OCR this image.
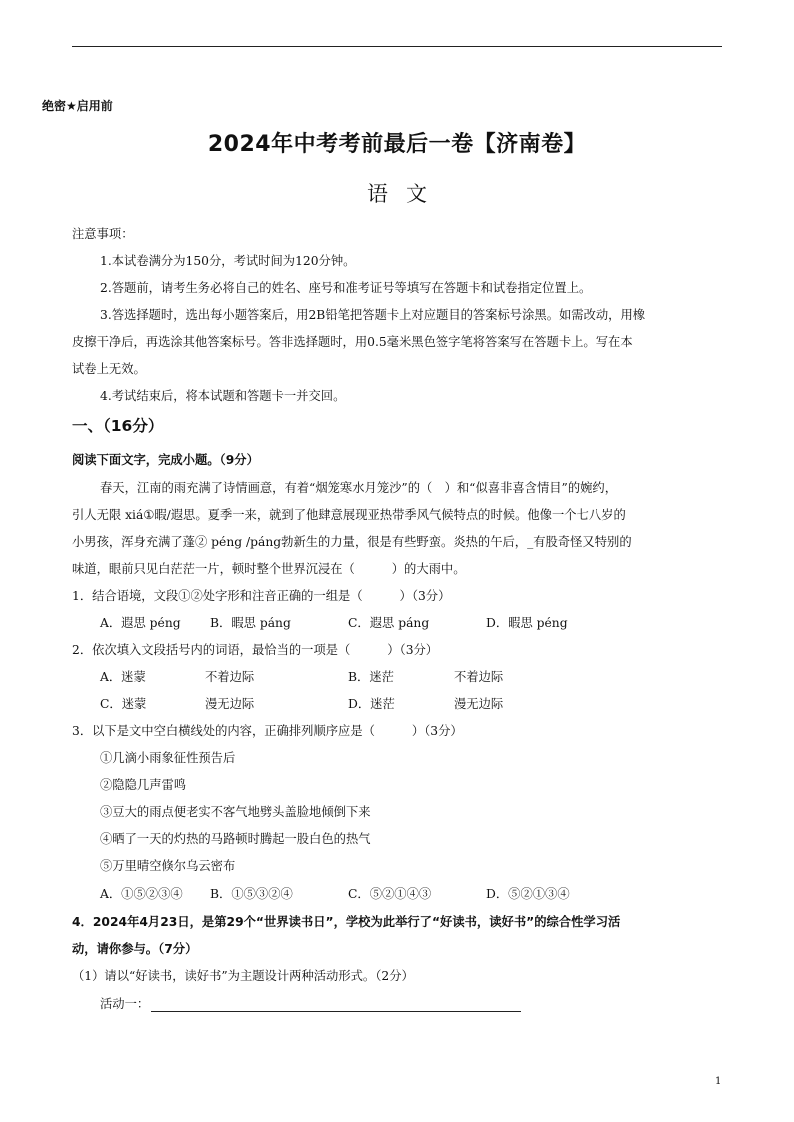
绝密★启用前
2024年中考考前最后一卷【济南卷】
语文
注意事项：
1.本试卷满分为150分，考试时间为120分钟。
2.答题前，请考生务必将自己的姓名、座号和准考证号等填写在答题卡和试卷指定位置上。
3.答选择题时，选出每小题答案后，用2B铅笔把答题卡上对应题目的答案标号涂黑。如需改动，用橡
皮擦干净后，再选涂其他答案标号。答非选择题时，用0.5毫米黑色签字笔将答案写在答题卡上。写在本
试卷上无效。
4.考试结束后，将本试题和答题卡一并交回。
一、（16分）
阅读下面文字，完成小题。（9分）
春天，江南的雨充满了诗情画意，有着“烟笼寒水月笼沙”的（　）和“似喜非喜含情目”的婉约，
引人无限 xiá①暇/遐思。夏季一来，就到了他肆意展现亚热带季风气候特点的时候。他像一个七八岁的
小男孩，浑身充满了蓬② péng /páng勃新生的力量，很是有些野蛮。炎热的午后，_有股奇怪又特别的
味道，眼前只见白茫茫一片，顿时整个世界沉浸在（　　　）的大雨中。
1．结合语境，文段①②处字形和注音正确的一组是（　　　）（3分）
A．遐思 péng B．暇思 páng	C．遐思 páng	D．暇思 péng
2．依次填入文段括号内的词语，最恰当的一项是（　　　）（3分）
A．迷蒙	不着边际	B．迷茫	不着边际
C．迷蒙	漫无边际	D．迷茫	漫无边际
3．以下是文中空白横线处的内容，正确排列顺序应是（　　　）（3分）
①几滴小雨象征性预告后
②隐隐几声雷鸣
③豆大的雨点便老实不客气地劈头盖脸地倾倒下来
④晒了一天的灼热的马路顿时腾起一股白色的热气
⑤万里晴空倏尔乌云密布
A．①⑤②③④ B．①⑤③②④	C．⑤②①④③	D．⑤②①③④
4．2024年4月23日，是第29个“世界读书日”，学校为此举行了“好读书，读好书”的综合性学习活
动，请你参与。（7分）
（1）请以“好读书，读好书”为主题设计两种活动形式。（2分）
活动一：
1
